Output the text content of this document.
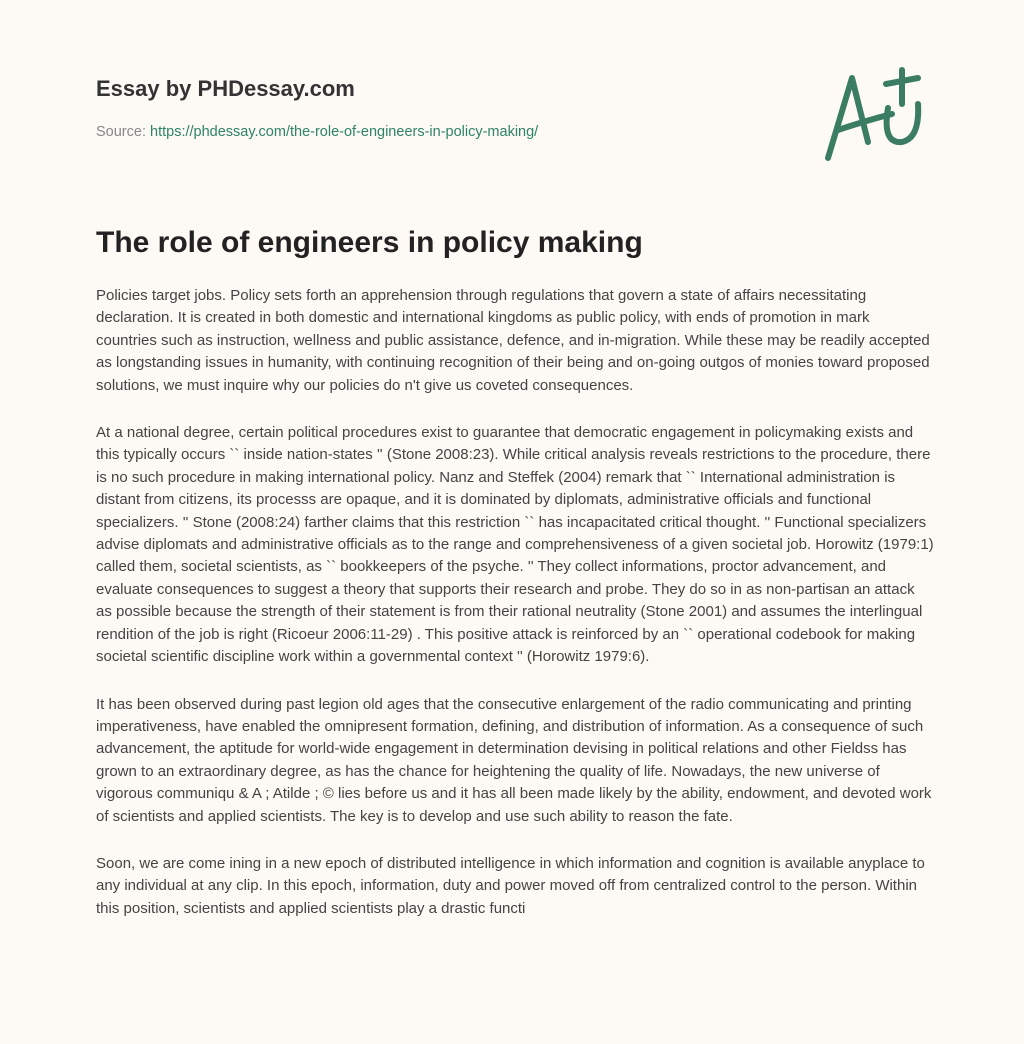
Essay by PHDessay.com
Source: https://phdessay.com/the-role-of-engineers-in-policy-making/
The role of engineers in policy making

Policies target jobs. Policy sets forth an apprehension through regulations that govern a state of affairs necessitating declaration. It is created in both domestic and international kingdoms as public policy, with ends of promotion in mark countries such as instruction, wellness and public assistance, defence, and in-migration. While these may be readily accepted as longstanding issues in humanity, with continuing recognition of their being and on-going outgos of monies toward proposed solutions, we must inquire why our policies do n't give us coveted consequences.

At a national degree, certain political procedures exist to guarantee that democratic engagement in policymaking exists and this typically occurs `` inside nation-states '' (Stone 2008:23). While critical analysis reveals restrictions to the procedure, there is no such procedure in making international policy. Nanz and Steffek (2004) remark that `` International administration is distant from citizens, its processs are opaque, and it is dominated by diplomats, administrative officials and functional specializers. '' Stone (2008:24) farther claims that this restriction `` has incapacitated critical thought. '' Functional specializers advise diplomats and administrative officials as to the range and comprehensiveness of a given societal job. Horowitz (1979:1) called them, societal scientists, as `` bookkeepers of the psyche. '' They collect informations, proctor advancement, and evaluate consequences to suggest a theory that supports their research and probe. They do so in as non-partisan an attack as possible because the strength of their statement is from their rational neutrality (Stone 2001) and assumes the interlingual rendition of the job is right (Ricoeur 2006:11-29) . This positive attack is reinforced by an `` operational codebook for making societal scientific discipline work within a governmental context '' (Horowitz 1979:6).

It has been observed during past legion old ages that the consecutive enlargement of the radio communicating and printing imperativeness, have enabled the omnipresent formation, defining, and distribution of information. As a consequence of such advancement, the aptitude for world-wide engagement in determination devising in political relations and other Fieldss has grown to an extraordinary degree, as has the chance for heightening the quality of life. Nowadays, the new universe of vigorous communiqu & A ; Atilde ; © lies before us and it has all been made likely by the ability, endowment, and devoted work of scientists and applied scientists. The key is to develop and use such ability to reason the fate.

Soon, we are come ining in a new epoch of distributed intelligence in which information and cognition is available anyplace to any individual at any clip. In this epoch, information, duty and power moved off from centralized control to the person. Within this position, scientists and applied scientists play a drastic functi
